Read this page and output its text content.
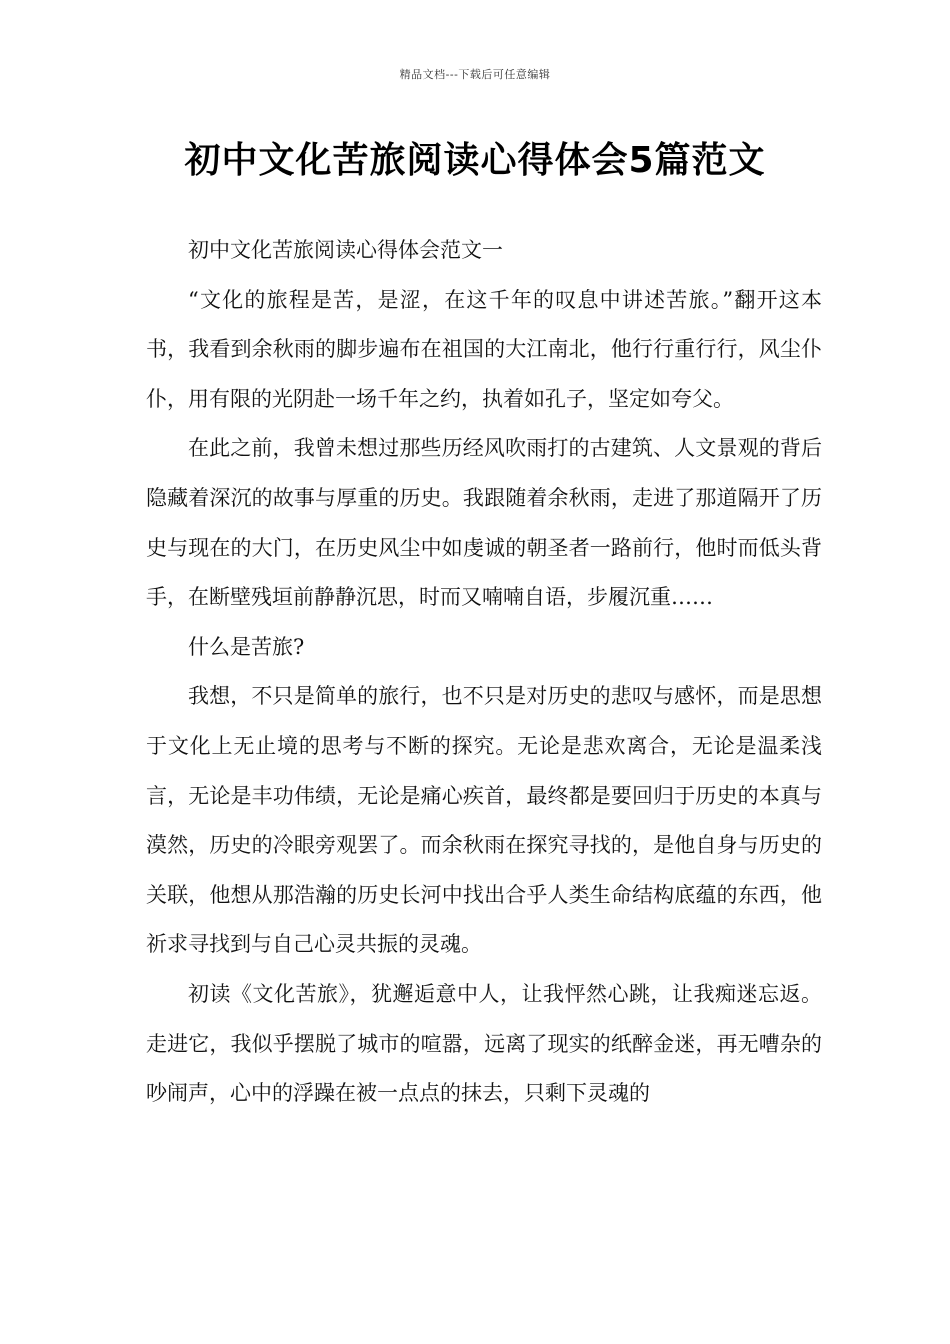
精品文档---下载后可任意编辑
初中文化苦旅阅读心得体会5篇范文

初中文化苦旅阅读心得体会范文一

“文化的旅程是苦，是涩，在这千年的叹息中讲述苦旅。”翻开这本书，我看到余秋雨的脚步遍布在祖国的大江南北，他行行重行行，风尘仆仆，用有限的光阴赴一场千年之约，执着如孔子，坚定如夸父。

在此之前，我曾未想过那些历经风吹雨打的古建筑、人文景观的背后隐藏着深沉的故事与厚重的历史。我跟随着余秋雨，走进了那道隔开了历史与现在的大门，在历史风尘中如虔诚的朝圣者一路前行，他时而低头背手，在断壁残垣前静静沉思，时而又喃喃自语，步履沉重……

什么是苦旅?

我想，不只是简单的旅行，也不只是对历史的悲叹与感怀，而是思想于文化上无止境的思考与不断的探究。无论是悲欢离合，无论是温柔浅言，无论是丰功伟绩，无论是痛心疾首，最终都是要回归于历史的本真与漠然，历史的冷眼旁观罢了。而余秋雨在探究寻找的，是他自身与历史的关联，他想从那浩瀚的历史长河中找出合乎人类生命结构底蕴的东西，他祈求寻找到与自己心灵共振的灵魂。

初读《文化苦旅》，犹邂逅意中人，让我怦然心跳，让我痴迷忘返。走进它，我似乎摆脱了城市的喧嚣，远离了现实的纸醉金迷，再无嘈杂的吵闹声，心中的浮躁在被一点点的抹去，只剩下灵魂的
